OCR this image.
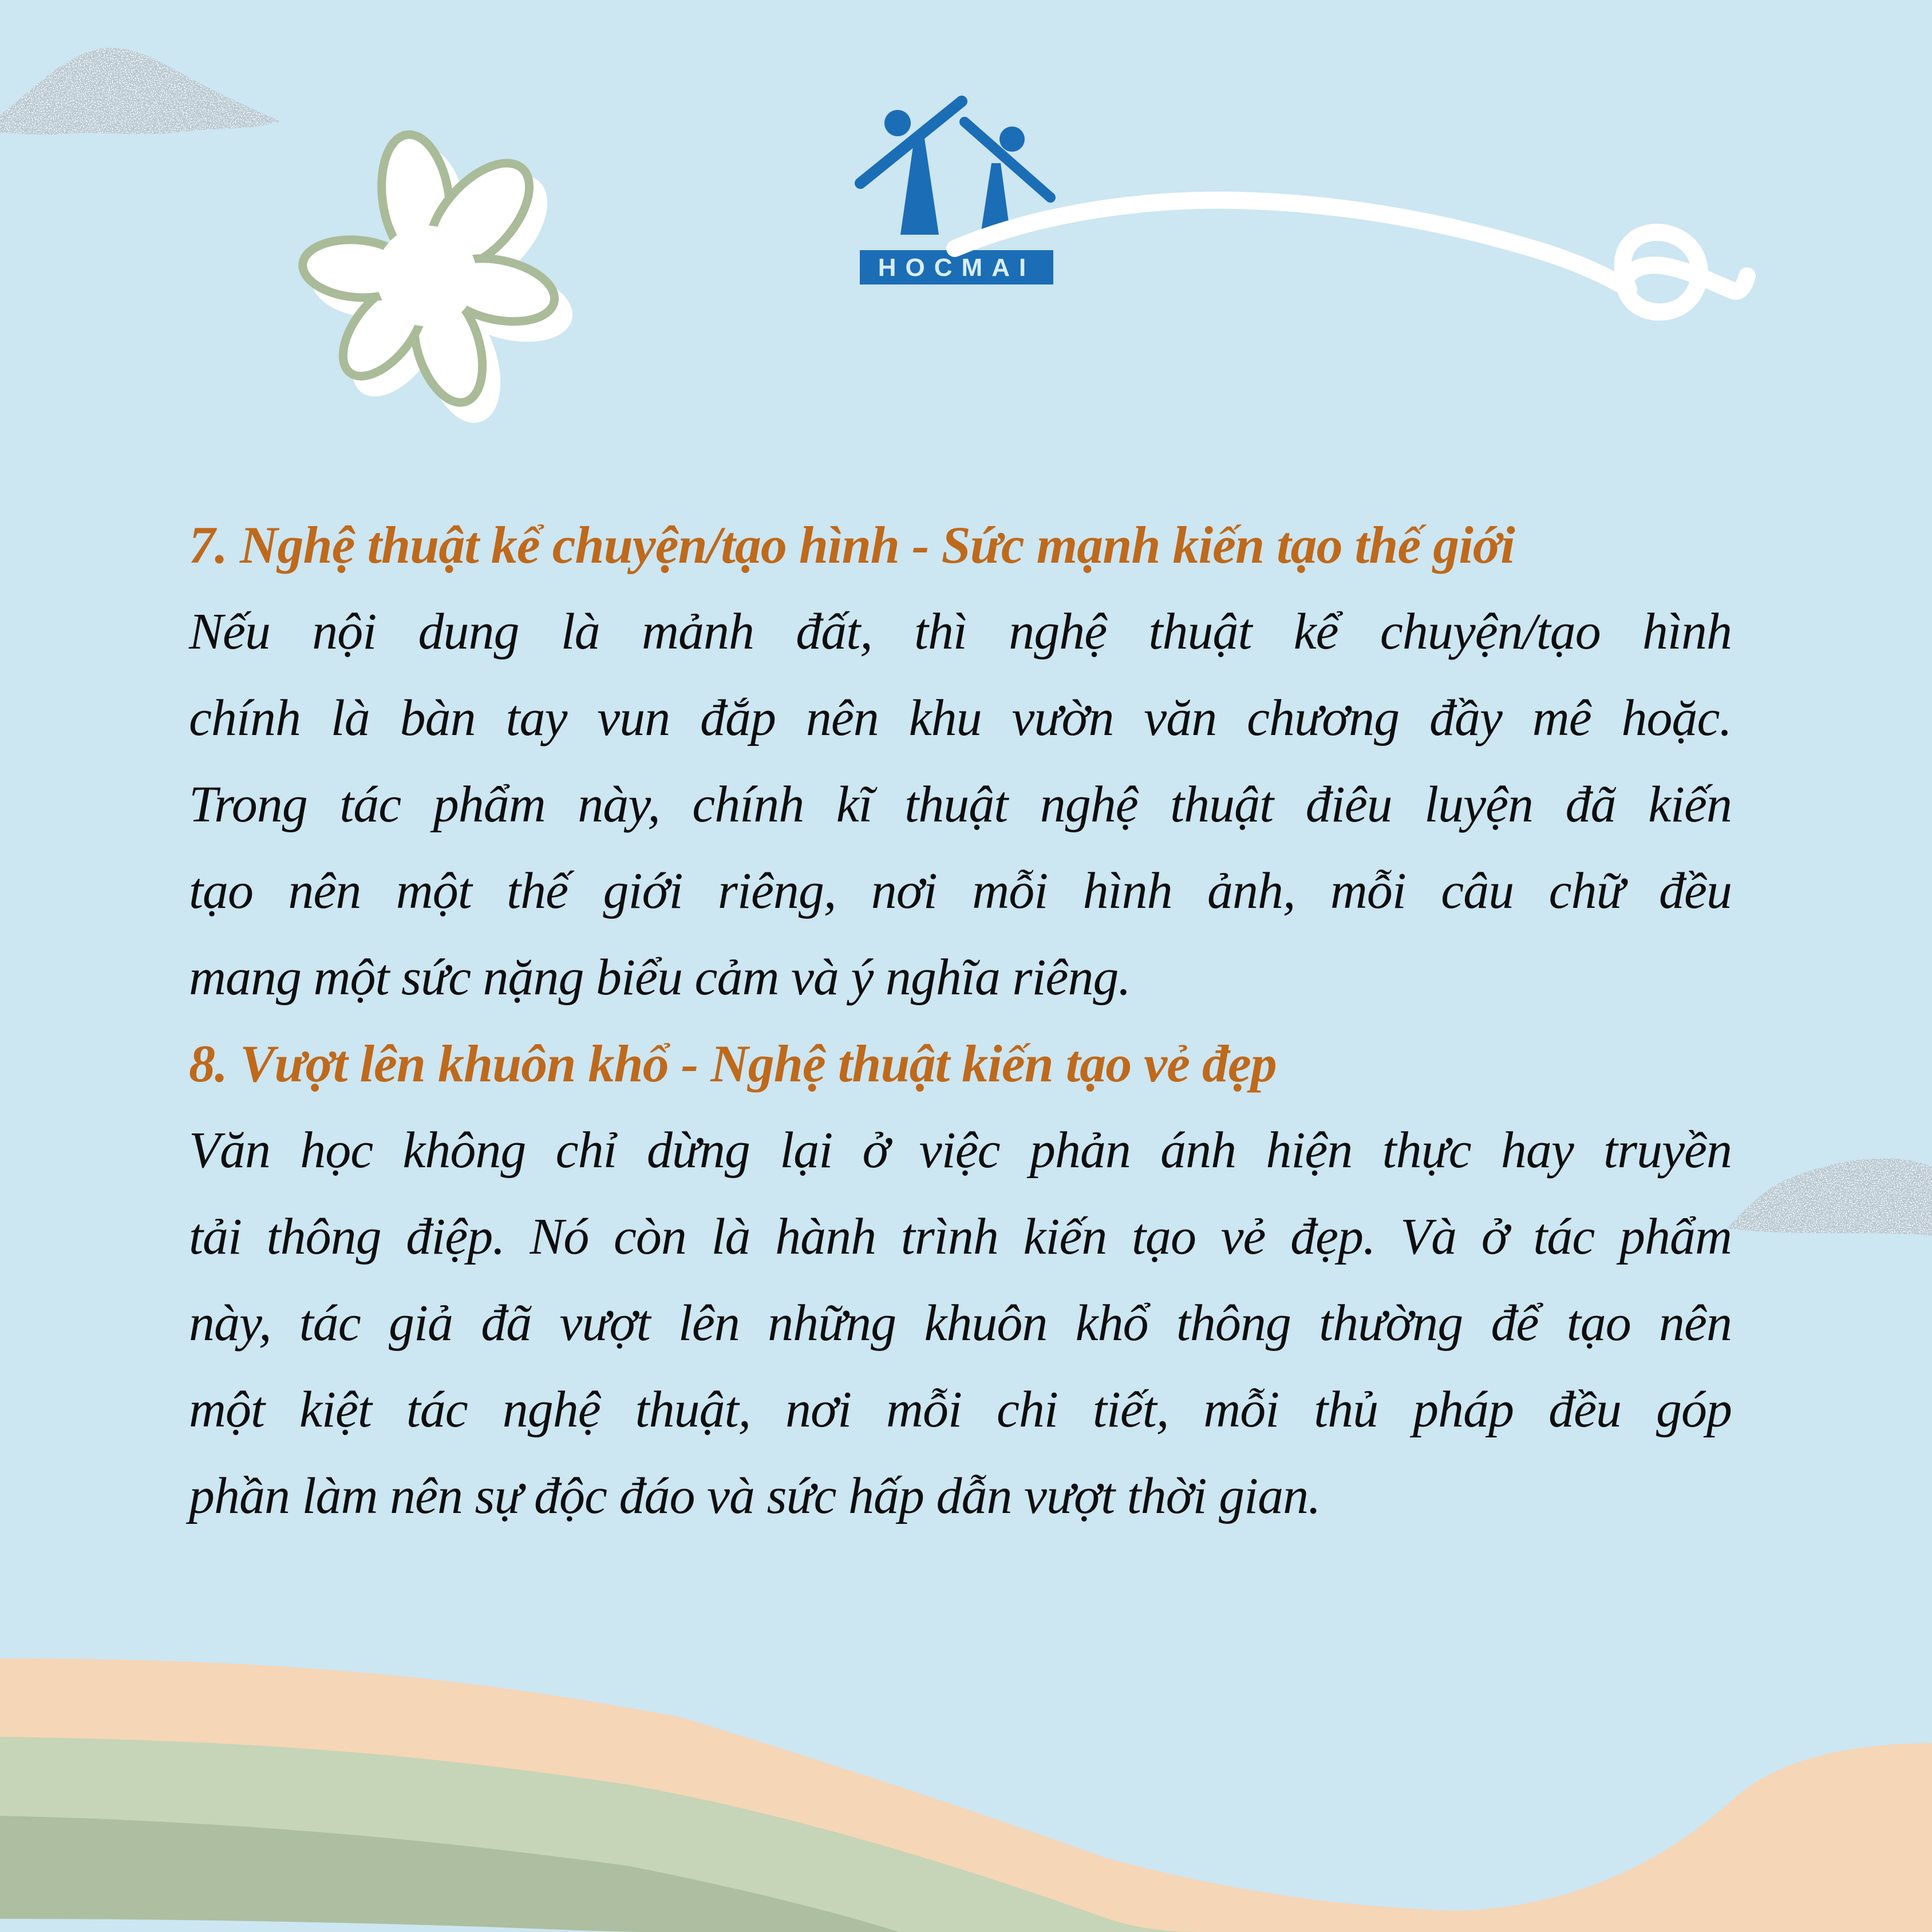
HOCMAI
7. Nghệ thuật kể chuyện/tạo hình - Sức mạnh kiến tạo thế giới

Nếu nội dung là mảnh đất, thì nghệ thuật kể chuyện/tạo hình

chính là bàn tay vun đắp nên khu vườn văn chương đầy mê hoặc.

Trong tác phẩm này, chính kĩ thuật nghệ thuật điêu luyện đã kiến

tạo nên một thế giới riêng, nơi mỗi hình ảnh, mỗi câu chữ đều

mang một sức nặng biểu cảm và ý nghĩa riêng.

8. Vượt lên khuôn khổ - Nghệ thuật kiến tạo vẻ đẹp

Văn học không chỉ dừng lại ở việc phản ánh hiện thực hay truyền

tải thông điệp. Nó còn là hành trình kiến tạo vẻ đẹp. Và ở tác phẩm

này, tác giả đã vượt lên những khuôn khổ thông thường để tạo nên

một kiệt tác nghệ thuật, nơi mỗi chi tiết, mỗi thủ pháp đều góp

phần làm nên sự độc đáo và sức hấp dẫn vượt thời gian.
